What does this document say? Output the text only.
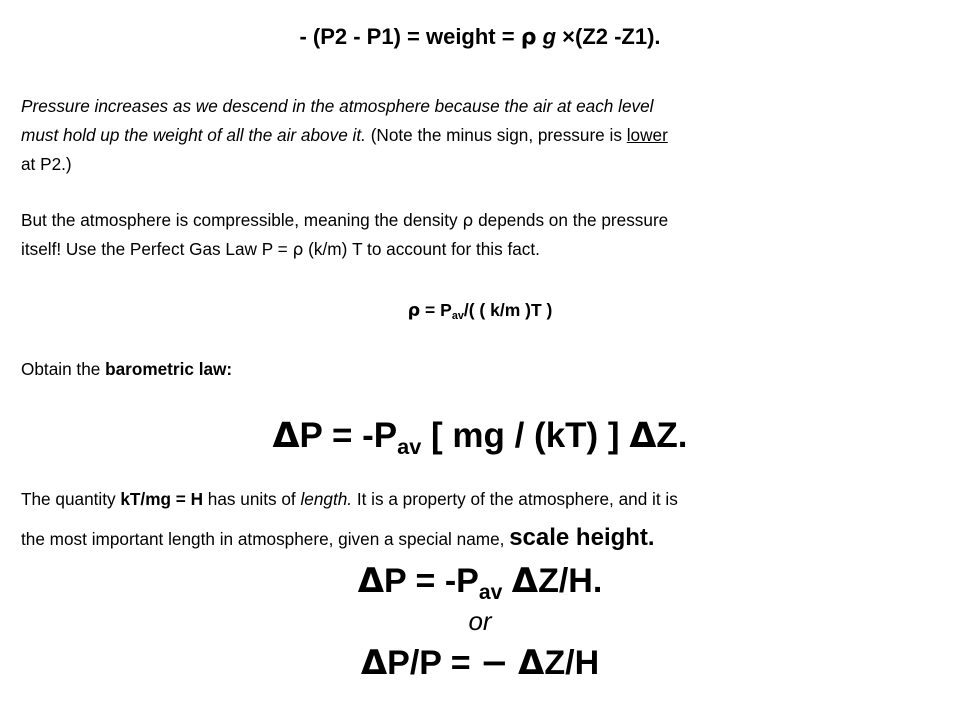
- (P2 - P1) = weight = ρ g ×(Z2 -Z1).
Pressure increases as we descend in the atmosphere because the air at each level
must hold up the weight of all the air above it. (Note the minus sign, pressure is lower
at P2.)
But the atmosphere is compressible, meaning the density ρ depends on the pressure
itself! Use the Perfect Gas Law P = ρ (k/m) T to account for this fact.
ρ = Pav/( ( k/m )T )
Obtain the barometric law:
ΔP = -Pav [ mg / (kT) ] ΔZ.
The quantity kT/mg = H has units of length. It is a property of the atmosphere, and it is
the most important length in atmosphere, given a special name, scale height.
ΔP = -Pav ΔZ/H.
or
ΔP/P = − ΔZ/H
